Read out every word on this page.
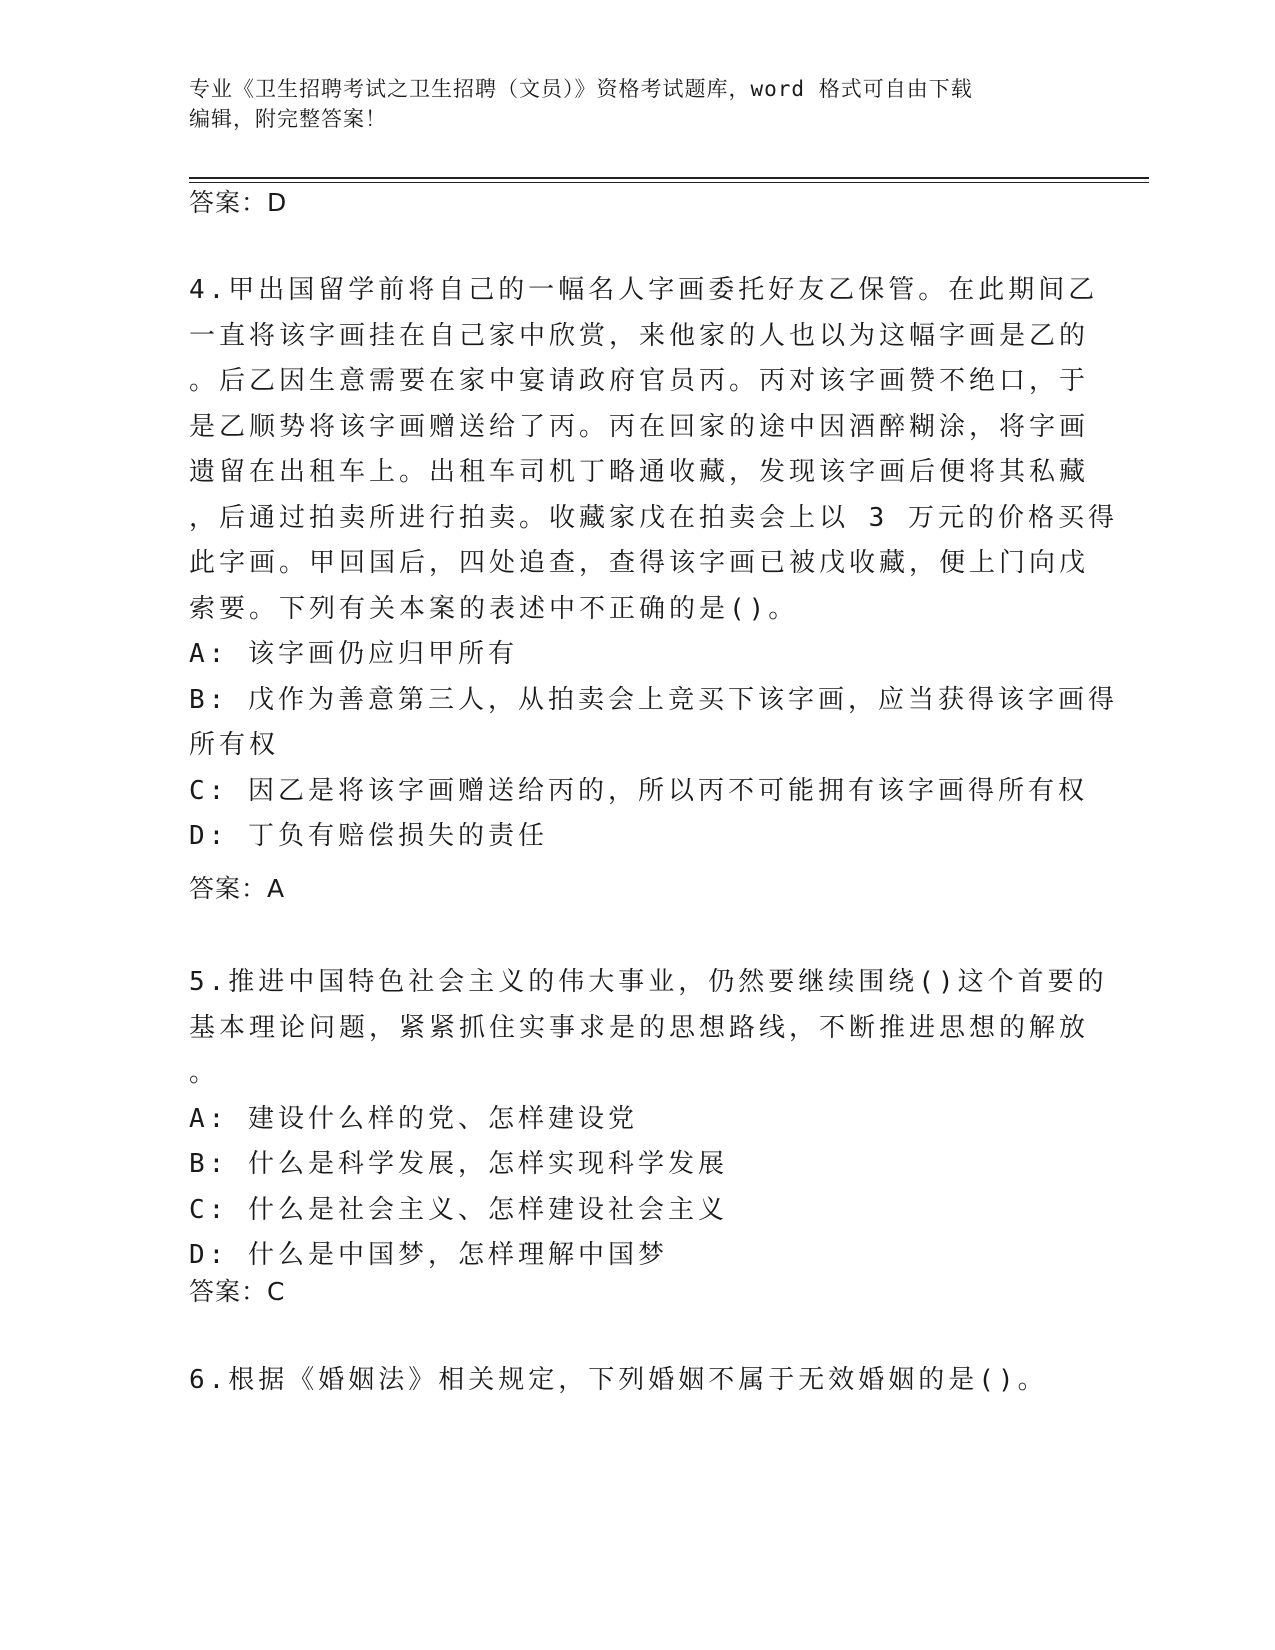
专业《卫生招聘考试之卫生招聘（文员）》资格考试题库，word 格式可自由下载
编辑，附完整答案！
答案：D
4.甲出国留学前将自己的一幅名人字画委托好友乙保管。在此期间乙
一直将该字画挂在自己家中欣赏，来他家的人也以为这幅字画是乙的
。后乙因生意需要在家中宴请政府官员丙。丙对该字画赞不绝口，于
是乙顺势将该字画赠送给了丙。丙在回家的途中因酒醉糊涂，将字画
遗留在出租车上。出租车司机丁略通收藏，发现该字画后便将其私藏
，后通过拍卖所进行拍卖。收藏家戊在拍卖会上以 3 万元的价格买得
此字画。甲回国后，四处追查，查得该字画已被戊收藏，便上门向戊
索要。下列有关本案的表述中不正确的是()。
A: 该字画仍应归甲所有
B: 戊作为善意第三人，从拍卖会上竞买下该字画，应当获得该字画得
所有权
C: 因乙是将该字画赠送给丙的，所以丙不可能拥有该字画得所有权
D: 丁负有赔偿损失的责任
答案：A
5.推进中国特色社会主义的伟大事业，仍然要继续围绕()这个首要的
基本理论问题，紧紧抓住实事求是的思想路线，不断推进思想的解放
。
A: 建设什么样的党、怎样建设党
B: 什么是科学发展，怎样实现科学发展
C: 什么是社会主义、怎样建设社会主义
D: 什么是中国梦，怎样理解中国梦
答案：C
6.根据《婚姻法》相关规定，下列婚姻不属于无效婚姻的是()。
